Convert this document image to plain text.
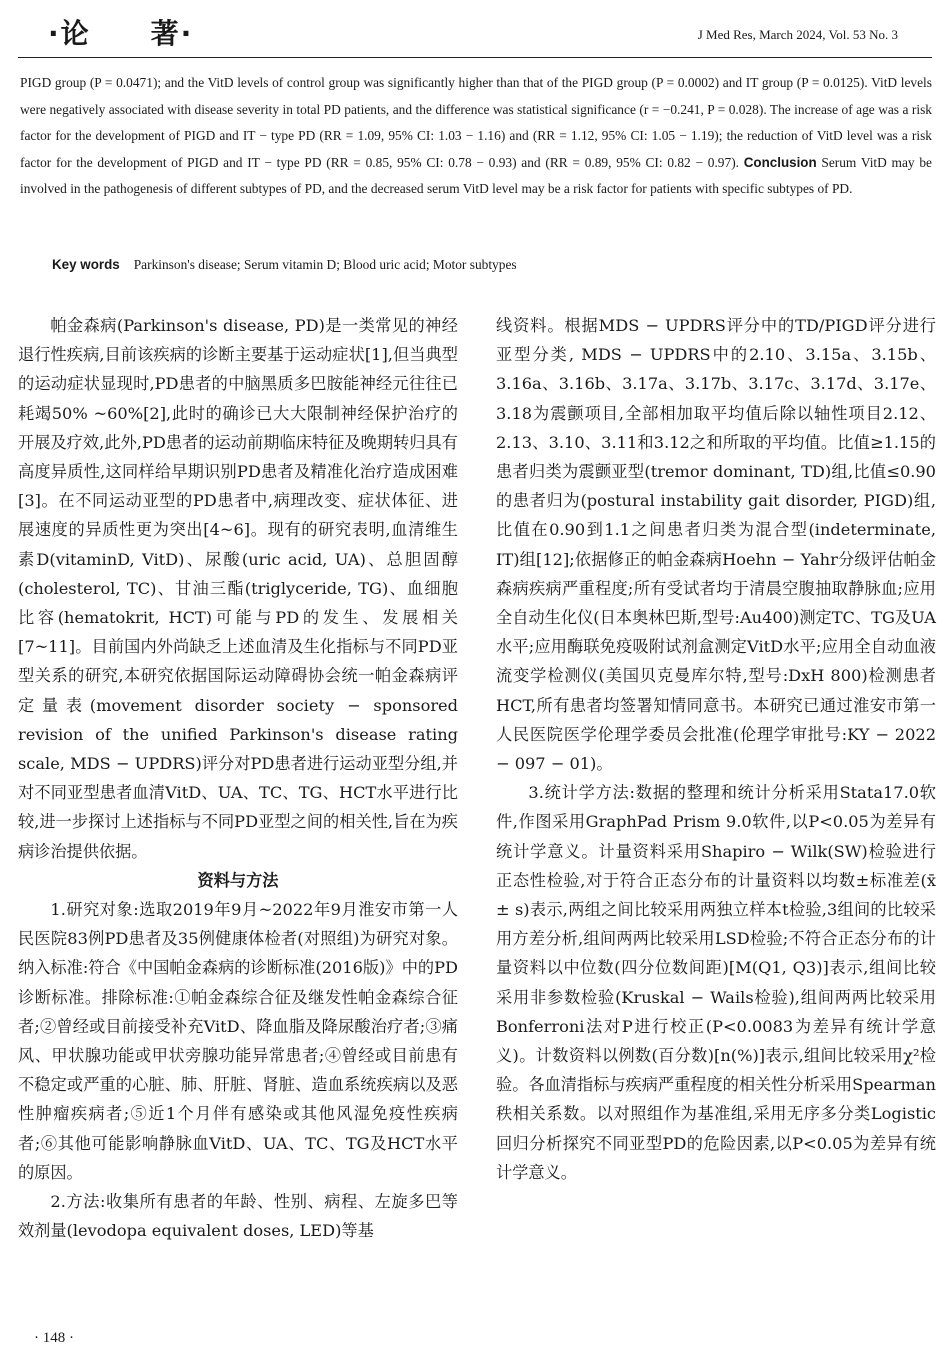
·论　　著·	J Med Res, March 2024, Vol. 53 No. 3

PIGD group (P = 0.0471); and the VitD levels of control group was significantly higher than that of the PIGD group (P = 0.0002) and IT group (P = 0.0125). VitD levels were negatively associated with disease severity in total PD patients, and the difference was statistical significance (r = −0.241, P = 0.028). The increase of age was a risk factor for the development of PIGD and IT − type PD (RR = 1.09, 95% CI: 1.03 − 1.16) and (RR = 1.12, 95% CI: 1.05 − 1.19); the reduction of VitD level was a risk factor for the development of PIGD and IT − type PD (RR = 0.85, 95% CI: 0.78 − 0.93) and (RR = 0.89, 95% CI: 0.82 − 0.97). Conclusion Serum VitD may be involved in the pathogenesis of different subtypes of PD, and the decreased serum VitD level may be a risk factor for patients with specific subtypes of PD.

Key words Parkinson's disease; Serum vitamin D; Blood uric acid; Motor subtypes

帕金森病(Parkinson's disease, PD)是一类常见的神经退行性疾病,目前该疾病的诊断主要基于运动症状[1],但当典型的运动症状显现时,PD患者的中脑黑质多巴胺能神经元往往已耗竭50% ~60%[2],此时的确诊已大大限制神经保护治疗的开展及疗效,此外,PD患者的运动前期临床特征及晚期转归具有高度异质性,这同样给早期识别PD患者及精准化治疗造成困难[3]。在不同运动亚型的PD患者中,病理改变、症状体征、进展速度的异质性更为突出[4~6]。现有的研究表明,血清维生素D(vitaminD, VitD)、尿酸(uric acid, UA)、总胆固醇(cholesterol, TC)、甘油三酯(triglyceride, TG)、血细胞比容(hematokrit, HCT)可能与PD的发生、发展相关[7~11]。目前国内外尚缺乏上述血清及生化指标与不同PD亚型关系的研究,本研究依据国际运动障碍协会统一帕金森病评定量表(movement disorder society − sponsored revision of the unified Parkinson's disease rating scale, MDS − UPDRS)评分对PD患者进行运动亚型分组,并对不同亚型患者血清VitD、UA、TC、TG、HCT水平进行比较,进一步探讨上述指标与不同PD亚型之间的相关性,旨在为疾病诊治提供依据。

资料与方法

1.研究对象:选取2019年9月~2022年9月淮安市第一人民医院83例PD患者及35例健康体检者(对照组)为研究对象。纳入标准:符合《中国帕金森病的诊断标准(2016版)》中的PD诊断标准。排除标准:①帕金森综合征及继发性帕金森综合征者;②曾经或目前接受补充VitD、降血脂及降尿酸治疗者;③痛风、甲状腺功能或甲状旁腺功能异常患者;④曾经或目前患有不稳定或严重的心脏、肺、肝脏、肾脏、造血系统疾病以及恶性肿瘤疾病者;⑤近1个月伴有感染或其他风湿免疫性疾病者;⑥其他可能影响静脉血VitD、UA、TC、TG及HCT水平的原因。

2.方法:收集所有患者的年龄、性别、病程、左旋多巴等效剂量(levodopa equivalent doses, LED)等基

线资料。根据MDS − UPDRS评分中的TD/PIGD评分进行亚型分类, MDS − UPDRS中的2.10、3.15a、3.15b、3.16a、3.16b、3.17a、3.17b、3.17c、3.17d、3.17e、3.18为震颤项目,全部相加取平均值后除以轴性项目2.12、2.13、3.10、3.11和3.12之和所取的平均值。比值≥1.15的患者归类为震颤亚型(tremor dominant, TD)组,比值≤0.90的患者归为(postural instability gait disorder, PIGD)组,比值在0.90到1.1之间患者归类为混合型(indeterminate, IT)组[12];依据修正的帕金森病Hoehn − Yahr分级评估帕金森病疾病严重程度;所有受试者均于清晨空腹抽取静脉血;应用全自动生化仪(日本奥林巴斯,型号:Au400)测定TC、TG及UA水平;应用酶联免疫吸附试剂盒测定VitD水平;应用全自动血液流变学检测仪(美国贝克曼库尔特,型号:DxH 800)检测患者HCT,所有患者均签署知情同意书。本研究已通过淮安市第一人民医院医学伦理学委员会批准(伦理学审批号:KY − 2022 − 097 − 01)。

3.统计学方法:数据的整理和统计分析采用Stata17.0软件,作图采用GraphPad Prism 9.0软件,以P<0.05为差异有统计学意义。计量资料采用Shapiro − Wilk(SW)检验进行正态性检验,对于符合正态分布的计量资料以均数±标准差(x̄ ± s)表示,两组之间比较采用两独立样本t检验,3组间的比较采用方差分析,组间两两比较采用LSD检验;不符合正态分布的计量资料以中位数(四分位数间距)[M(Q1, Q3)]表示,组间比较采用非参数检验(Kruskal − Wails检验),组间两两比较采用Bonferroni法对P进行校正(P<0.0083为差异有统计学意义)。计数资料以例数(百分数)[n(%)]表示,组间比较采用χ²检验。各血清指标与疾病严重程度的相关性分析采用Spearman秩相关系数。以对照组作为基准组,采用无序多分类Logistic回归分析探究不同亚型PD的危险因素,以P<0.05为差异有统计学意义。

· 148 ·
